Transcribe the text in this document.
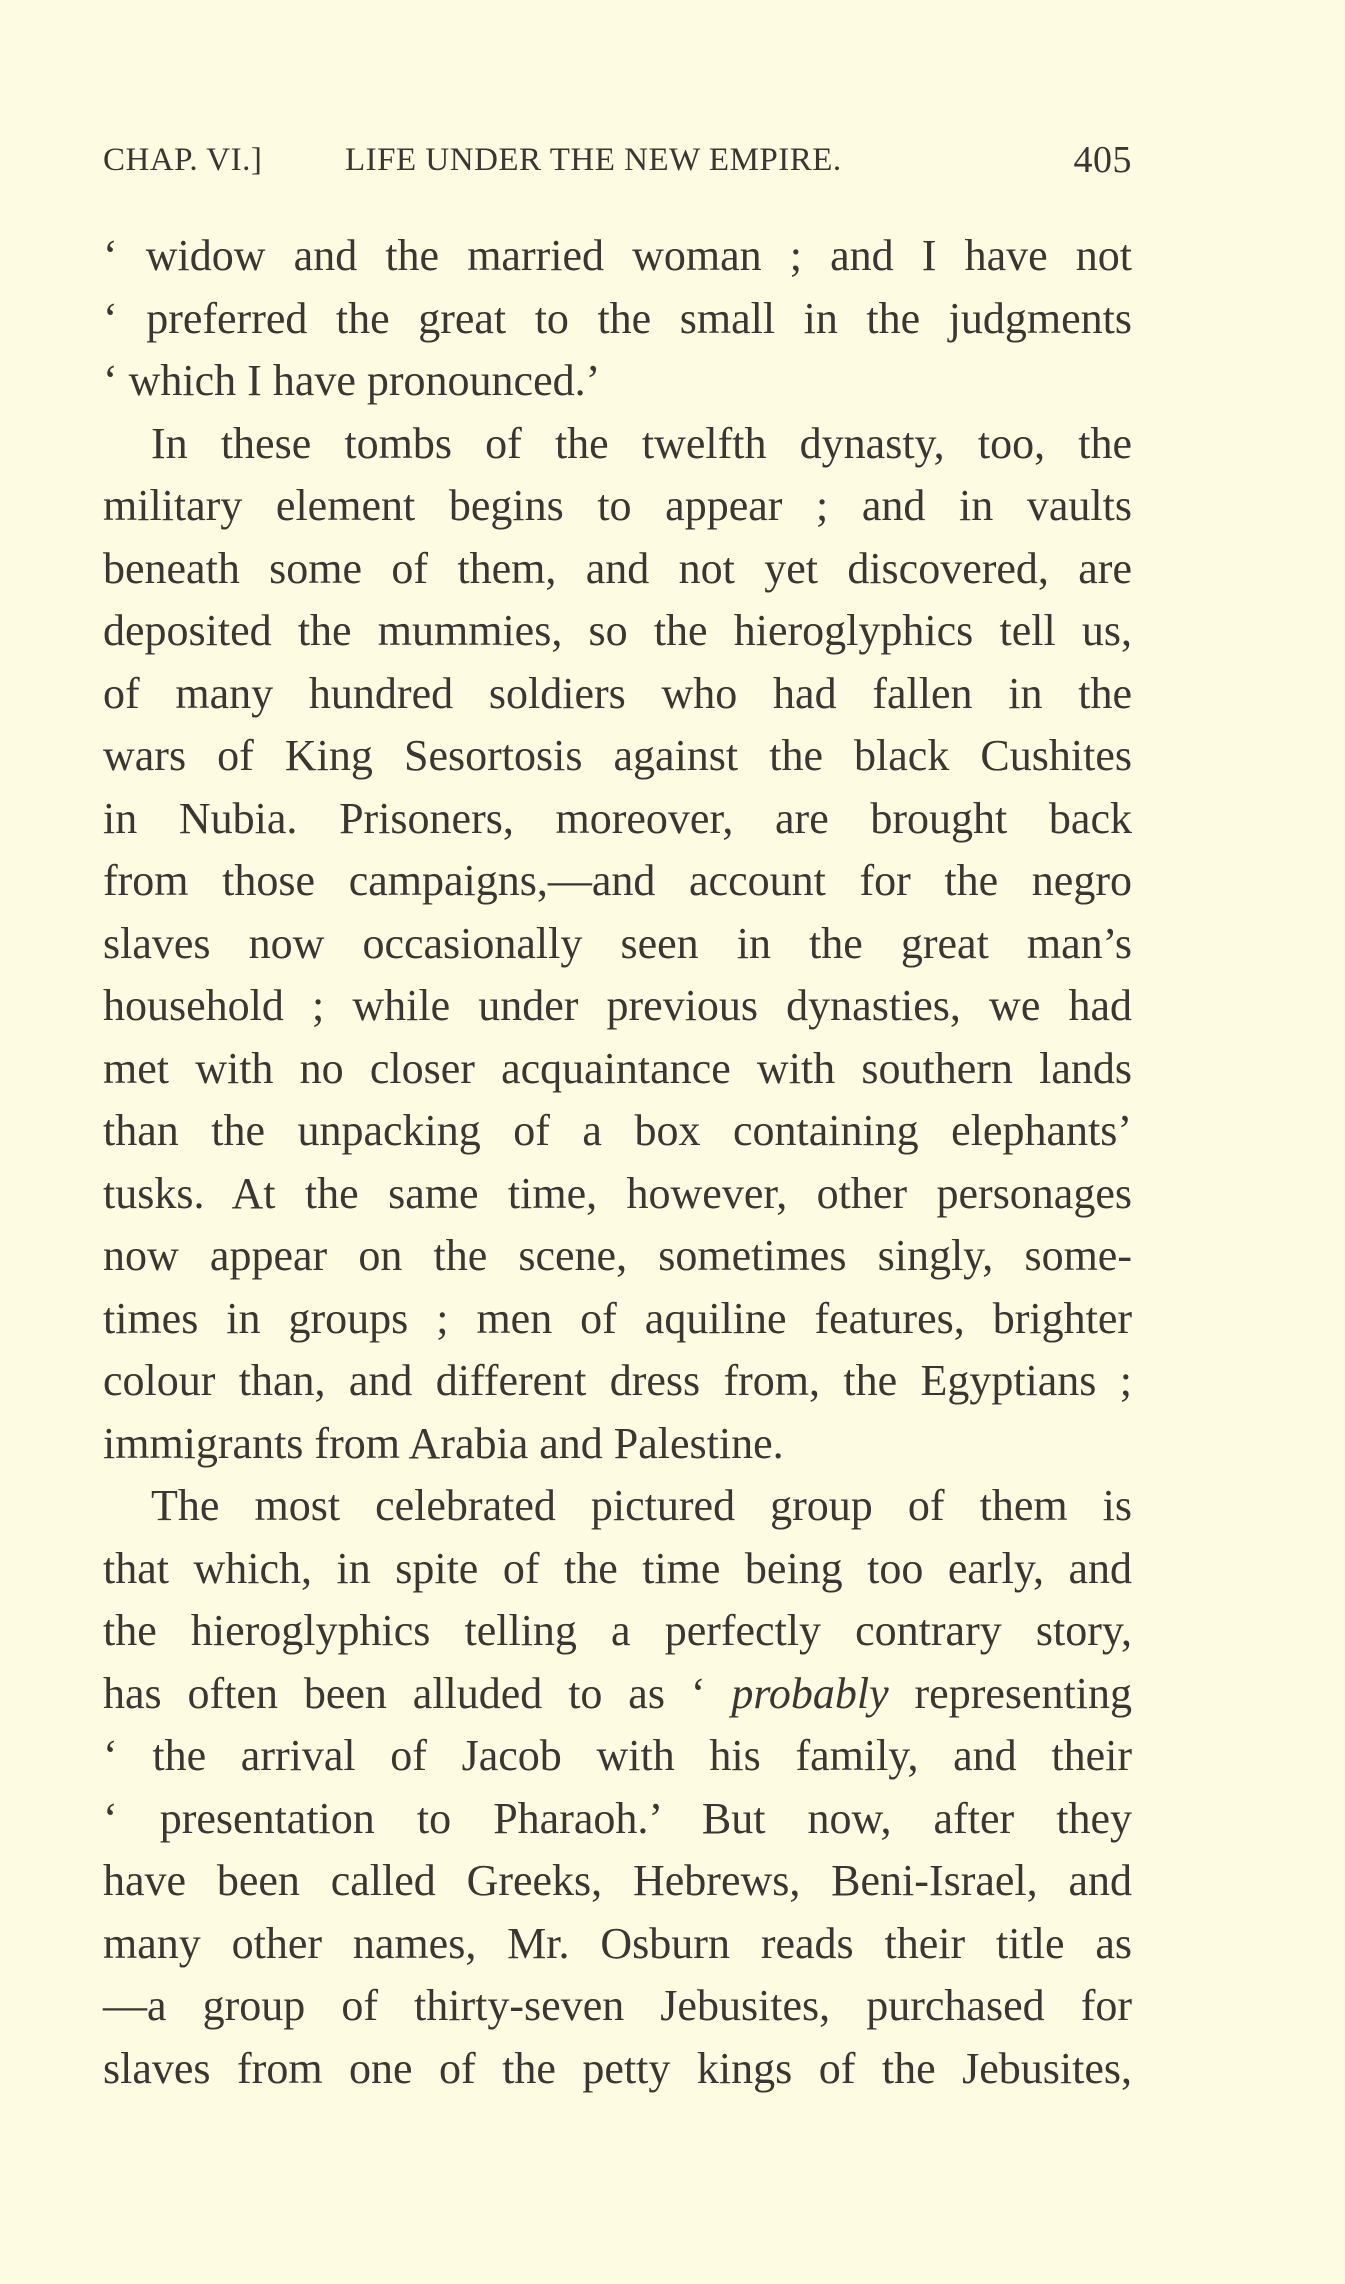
CHAP. VI.]	LIFE UNDER THE NEW EMPIRE.	405
‘ widow and the married woman ; and I have not
‘ preferred the great to the small in the judgments
‘ which I have pronounced.’
In these tombs of the twelfth dynasty, too, the
military element begins to appear ; and in vaults
beneath some of them, and not yet discovered, are
deposited the mummies, so the hieroglyphics tell us,
of many hundred soldiers who had fallen in the
wars of King Sesortosis against the black Cushites
in Nubia. Prisoners, moreover, are brought back
from those campaigns,—and account for the negro
slaves now occasionally seen in the great man’s
household ; while under previous dynasties, we had
met with no closer acquaintance with southern lands
than the unpacking of a box containing elephants’
tusks. At the same time, however, other personages
now appear on the scene, sometimes singly, some-
times in groups ; men of aquiline features, brighter
colour than, and different dress from, the Egyptians ;
immigrants from Arabia and Palestine.
The most celebrated pictured group of them is
that which, in spite of the time being too early, and
the hieroglyphics telling a perfectly contrary story,
has often been alluded to as ‘ probably representing
‘ the arrival of Jacob with his family, and their
‘ presentation to Pharaoh.’ But now, after they
have been called Greeks, Hebrews, Beni-Israel, and
many other names, Mr. Osburn reads their title as
—a group of thirty-seven Jebusites, purchased for
slaves from one of the petty kings of the Jebusites,
